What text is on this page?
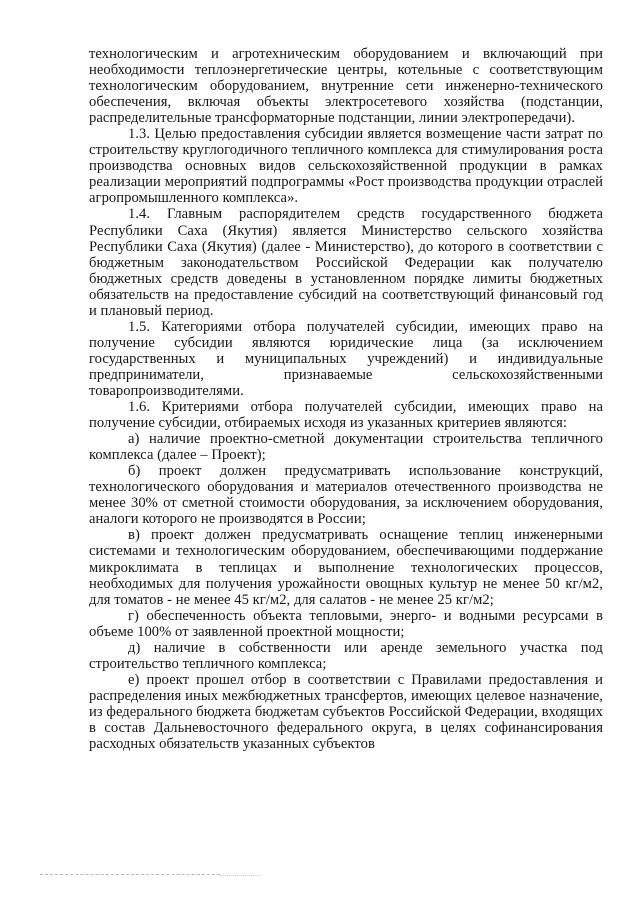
технологическим и агротехническим оборудованием и включающий при необходимости теплоэнергетические центры, котельные с соответствующим технологическим оборудованием, внутренние сети инженерно-технического обеспечения, включая объекты электросетевого хозяйства (подстанции, распределительные трансформаторные подстанции, линии электропередачи).

1.3. Целью предоставления субсидии является возмещение части затрат по строительству круглогодичного тепличного комплекса для стимулирования роста производства основных видов сельскохозяйственной продукции в рамках реализации мероприятий подпрограммы «Рост производства продукции отраслей агропромышленного комплекса».

1.4. Главным распорядителем средств государственного бюджета Республики Саха (Якутия) является Министерство сельского хозяйства Республики Саха (Якутия) (далее - Министерство), до которого в соответствии с бюджетным законодательством Российской Федерации как получателю бюджетных средств доведены в установленном порядке лимиты бюджетных обязательств на предоставление субсидий на соответствующий финансовый год и плановый период.

1.5. Категориями отбора получателей субсидии, имеющих право на получение субсидии являются юридические лица (за исключением государственных и муниципальных учреждений) и индивидуальные предприниматели, признаваемые сельскохозяйственными товаропроизводителями.

1.6. Критериями отбора получателей субсидии, имеющих право на получение субсидии, отбираемых исходя из указанных критериев являются:

а) наличие проектно-сметной документации строительства тепличного комплекса (далее – Проект);

б) проект должен предусматривать использование конструкций, технологического оборудования и материалов отечественного производства не менее 30% от сметной стоимости оборудования, за исключением оборудования, аналоги которого не производятся в России;

в) проект должен предусматривать оснащение теплиц инженерными системами и технологическим оборудованием, обеспечивающими поддержание микроклимата в теплицах и выполнение технологических процессов, необходимых для получения урожайности овощных культур не менее 50 кг/м2, для томатов - не менее 45 кг/м2, для салатов - не менее 25 кг/м2;

г) обеспеченность объекта тепловыми, энерго- и водными ресурсами в объеме 100% от заявленной проектной мощности;

д) наличие в собственности или аренде земельного участка под строительство тепличного комплекса;

е) проект прошел отбор в соответствии с Правилами предоставления и распределения иных межбюджетных трансфертов, имеющих целевое назначение, из федерального бюджета бюджетам субъектов Российской Федерации, входящих в состав Дальневосточного федерального округа, в целях софинансирования расходных обязательств указанных субъектов
